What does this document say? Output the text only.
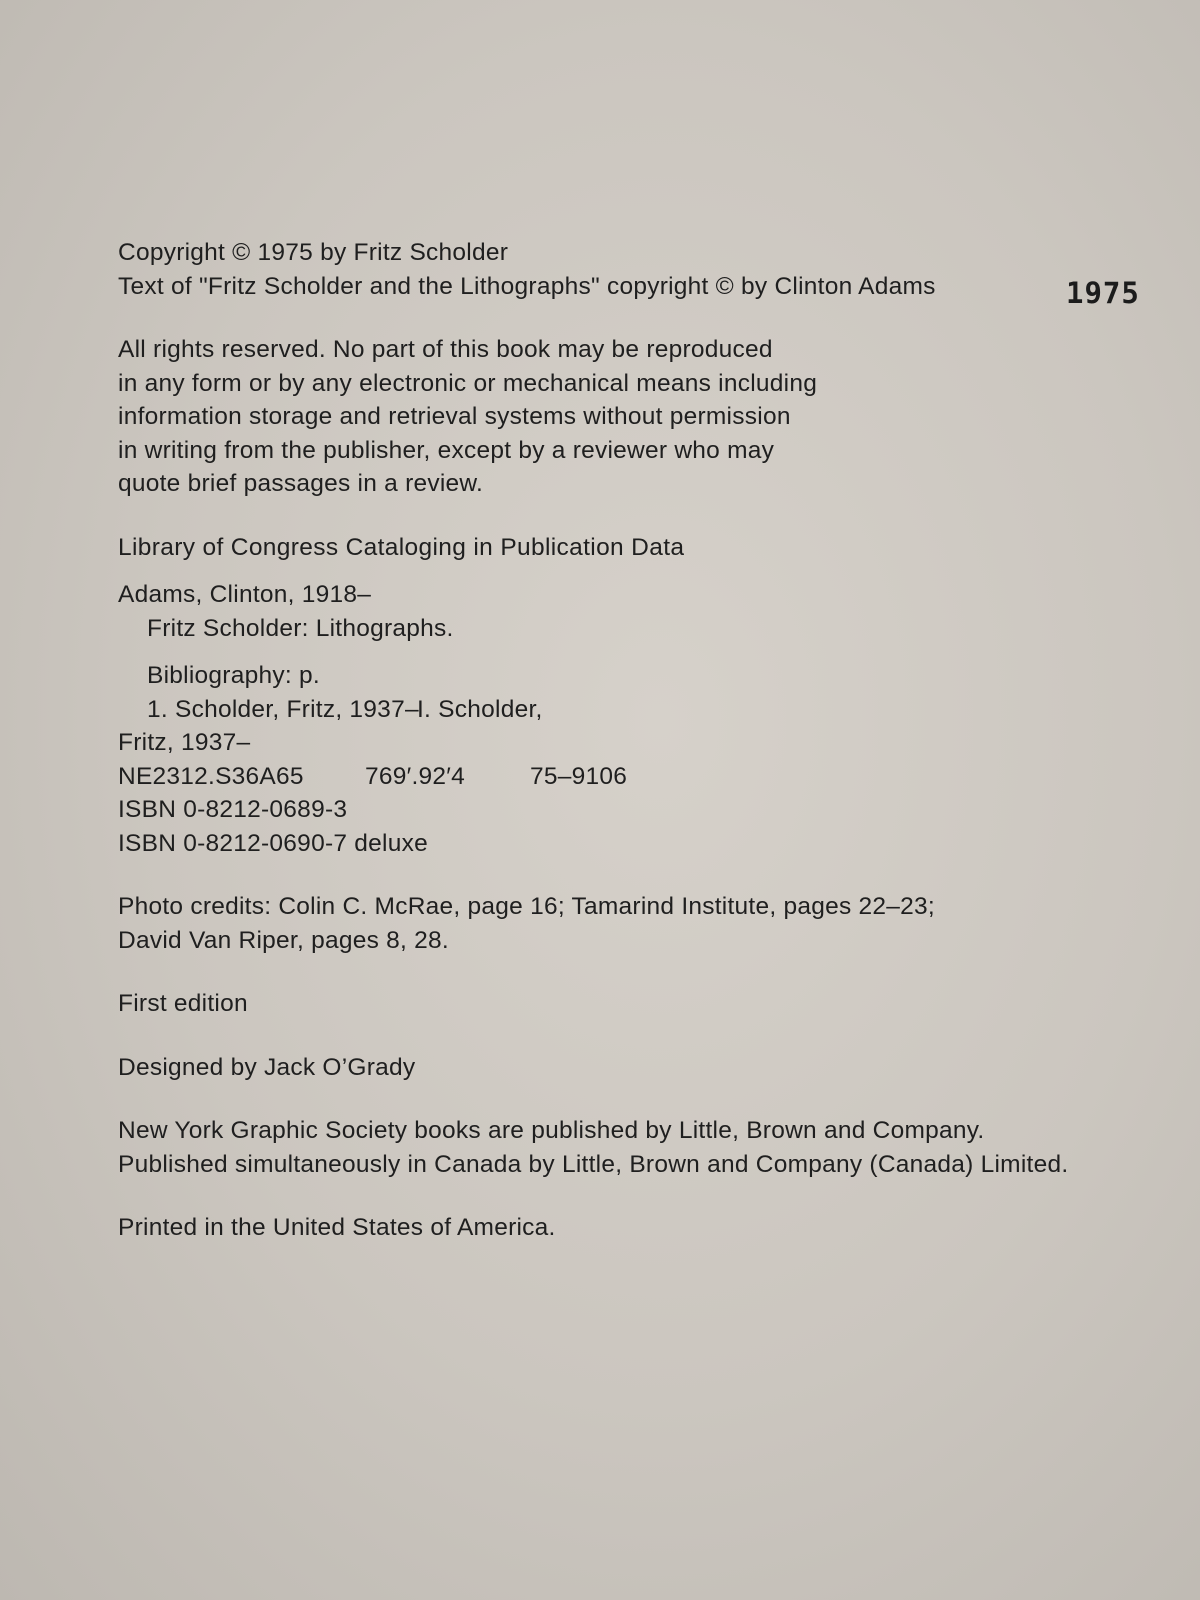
1975
Copyright © 1975 by Fritz Scholder
Text of "Fritz Scholder and the Lithographs" copyright © by Clinton Adams
All rights reserved. No part of this book may be reproduced
in any form or by any electronic or mechanical means including
information storage and retrieval systems without permission
in writing from the publisher, except by a reviewer who may
quote brief passages in a review.
Library of Congress Cataloging in Publication Data
Adams, Clinton, 1918–
Fritz Scholder: Lithographs.
Bibliography: p.
1. Scholder, Fritz, 1937–I. Scholder,
Fritz, 1937–
NE2312.S36A65 769′.92′4	75–9106
ISBN 0-8212-0689-3
ISBN 0-8212-0690-7 deluxe
Photo credits: Colin C. McRae, page 16; Tamarind Institute, pages 22–23;
David Van Riper, pages 8, 28.
First edition
Designed by Jack O’Grady
New York Graphic Society books are published by Little, Brown and Company.
Published simultaneously in Canada by Little, Brown and Company (Canada) Limited.
Printed in the United States of America.
